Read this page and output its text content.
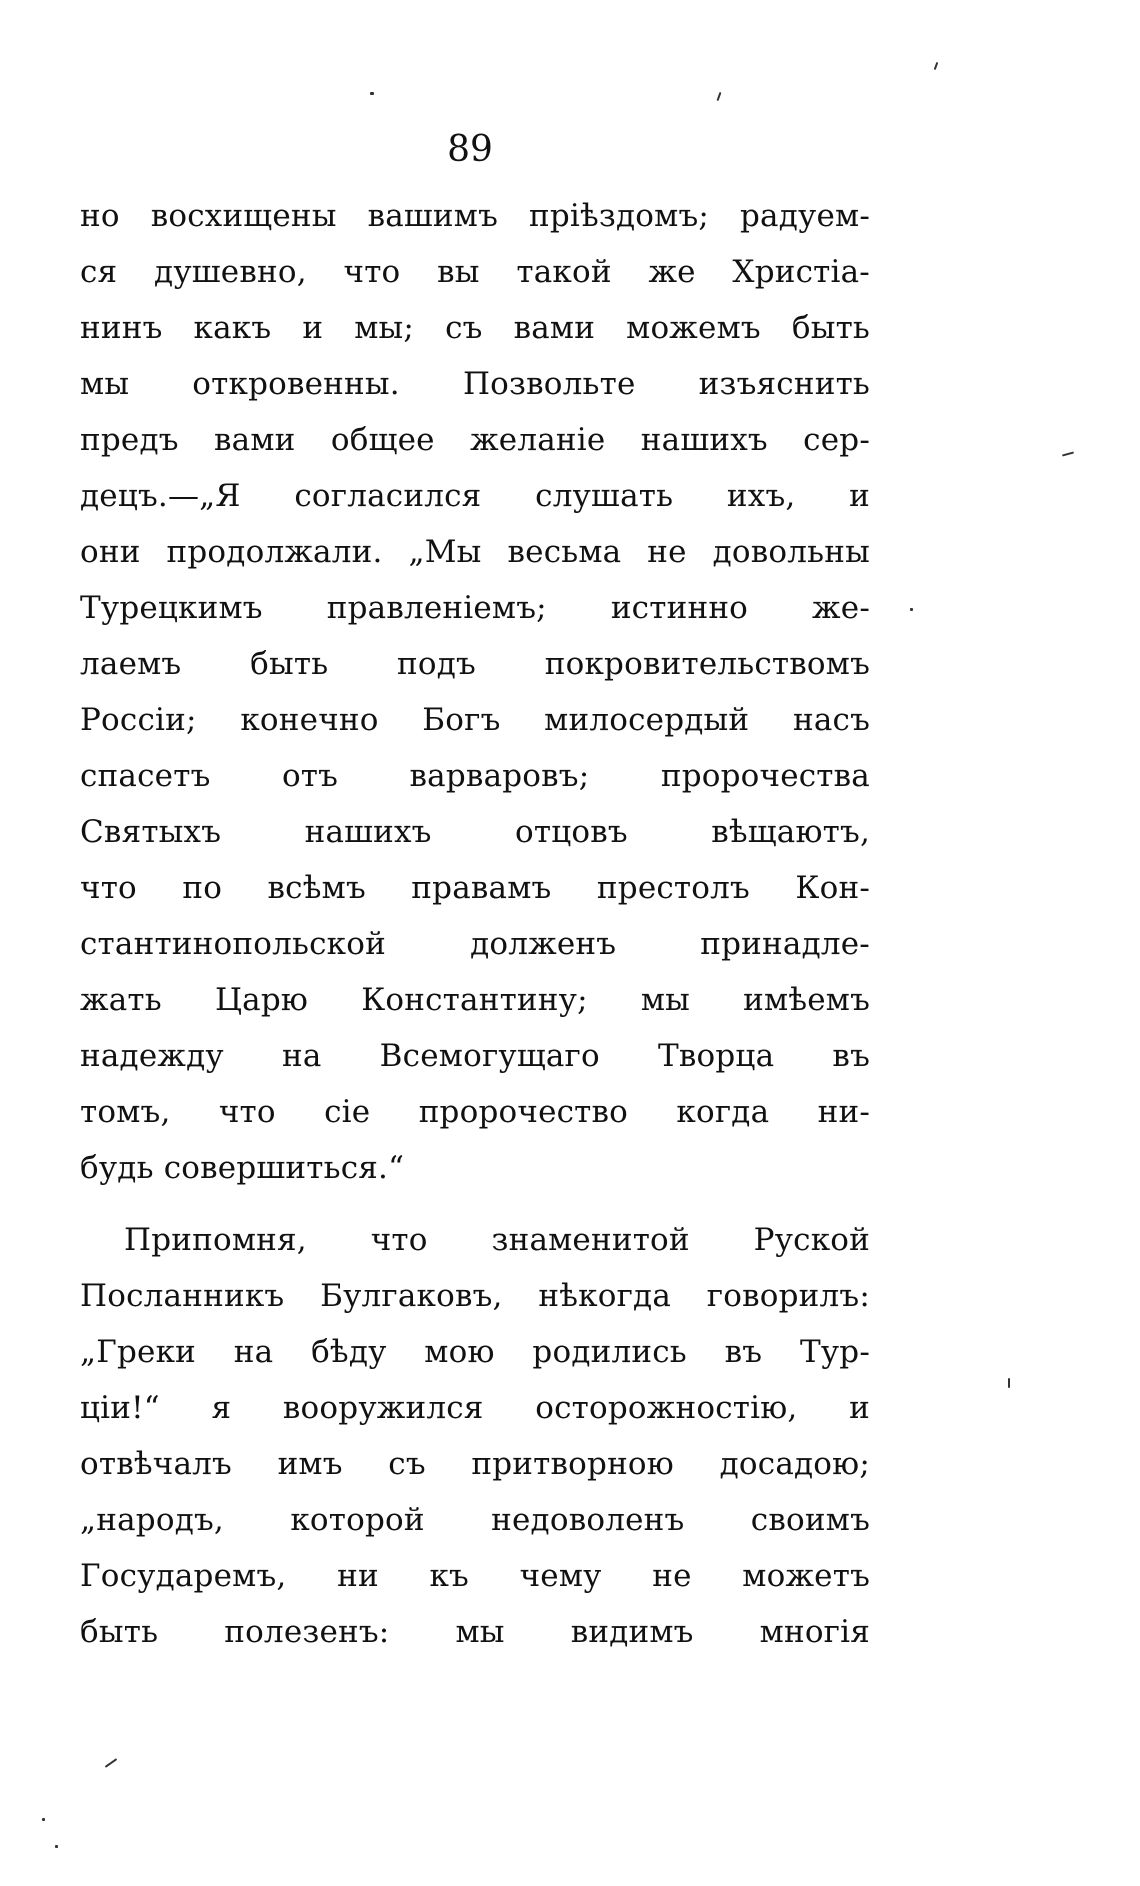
89
но восхищены вашимъ пріѣздомъ; радуем-
ся душевно, что вы такой же Христіа-
нинъ какъ и мы; съ вами можемъ быть
мы откровенны. Позвольте изъяснить
предъ вами общее желаніе нашихъ сер-
децъ.—„Я согласился слушать ихъ, и
они продолжали. „Мы весьма не довольны
Турецкимъ правленіемъ; истинно же-
лаемъ быть подъ покровительствомъ
Россіи; конечно Богъ милосердый насъ
спасетъ отъ варваровъ; пророчества
Святыхъ нашихъ отцовъ вѣщаютъ,
что по всѣмъ правамъ престолъ Кон-
стантинопольской долженъ принадле-
жать Царю Константину; мы имѣемъ
надежду на Всемогущаго Творца въ
томъ, что сіе пророчество когда ни-
будь совершиться.“
Припомня, что знаменитой Руской
Посланникъ Булгаковъ, нѣкогда говорилъ:
„Греки на бѣду мою родились въ Тур-
ціи!“ я вооружился осторожностію, и
отвѣчалъ имъ съ притворною досадою;
„народъ, которой недоволенъ своимъ
Государемъ, ни къ чему не можетъ
быть полезенъ: мы видимъ многія
